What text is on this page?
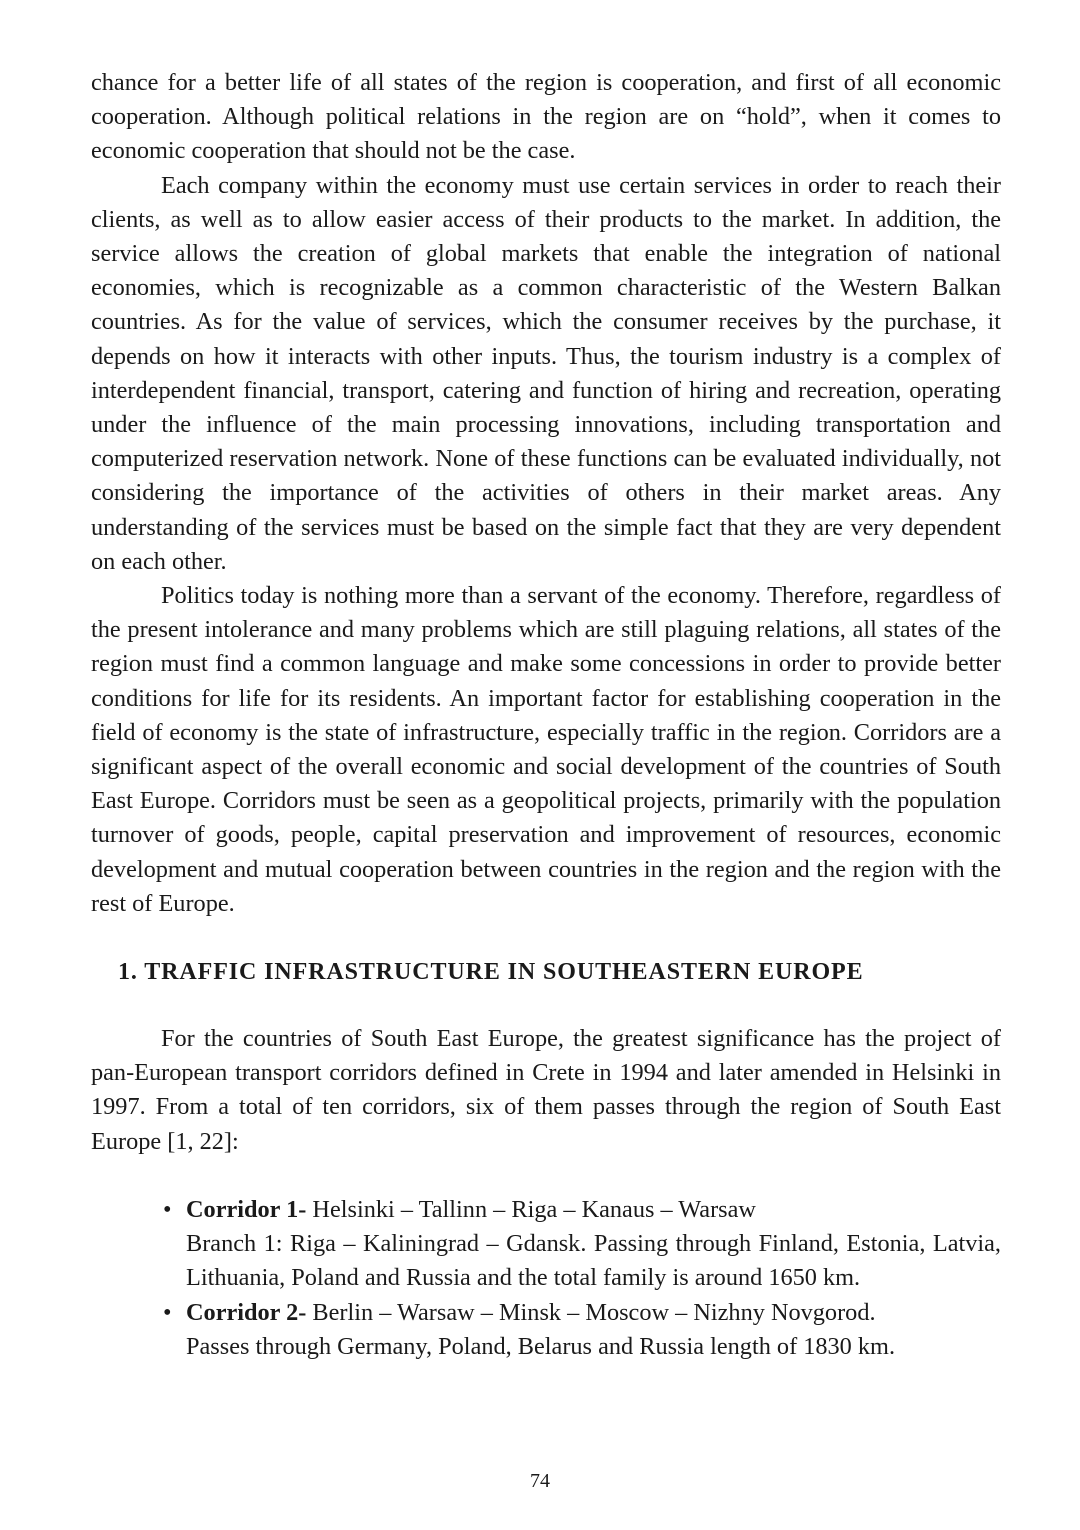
chance for a better life of all states of the region is cooperation, and first of all economic cooperation. Although political relations in the region are on “hold”, when it comes to economic cooperation that should not be the case.

Each company within the economy must use certain services in order to reach their clients, as well as to allow easier access of their products to the market. In addition, the service allows the creation of global markets that enable the integration of national economies, which is recognizable as a common characteristic of the Western Balkan countries. As for the value of services, which the consumer receives by the purchase, it depends on how it interacts with other inputs. Thus, the tourism industry is a complex of interdependent financial, transport, catering and function of hiring and recreation, operating under the influence of the main processing innovations, including transportation and computerized reservation network. None of these functions can be evaluated individually, not considering the importance of the activities of others in their market areas. Any understanding of the services must be based on the simple fact that they are very dependent on each other.

Politics today is nothing more than a servant of the economy. Therefore, regardless of the present intolerance and many problems which are still plaguing relations, all states of the region must find a common language and make some concessions in order to provide better conditions for life for its residents. An important factor for establishing cooperation in the field of economy is the state of infrastructure, especially traffic in the region. Corridors are a significant aspect of the overall economic and social development of the countries of South East Europe. Corridors must be seen as a geopolitical projects, primarily with the population turnover of goods, people, capital preservation and improvement of resources, economic development and mutual cooperation between countries in the region and the region with the rest of Europe.

1. TRAFFIC INFRASTRUCTURE IN SOUTHEASTERN EUROPE

For the countries of South East Europe, the greatest significance has the project of pan-European transport corridors defined in Crete in 1994 and later amended in Helsinki in 1997. From a total of ten corridors, six of them passes through the region of South East Europe [1, 22]:

• Corridor 1- Helsinki – Tallinn – Riga – Kanaus – Warsaw
Branch 1: Riga – Kaliningrad – Gdansk. Passing through Finland, Estonia, Latvia, Lithuania, Poland and Russia and the total family is around 1650 km.
• Corridor 2- Berlin – Warsaw – Minsk – Moscow – Nizhny Novgorod.
Passes through Germany, Poland, Belarus and Russia length of 1830 km.
74
